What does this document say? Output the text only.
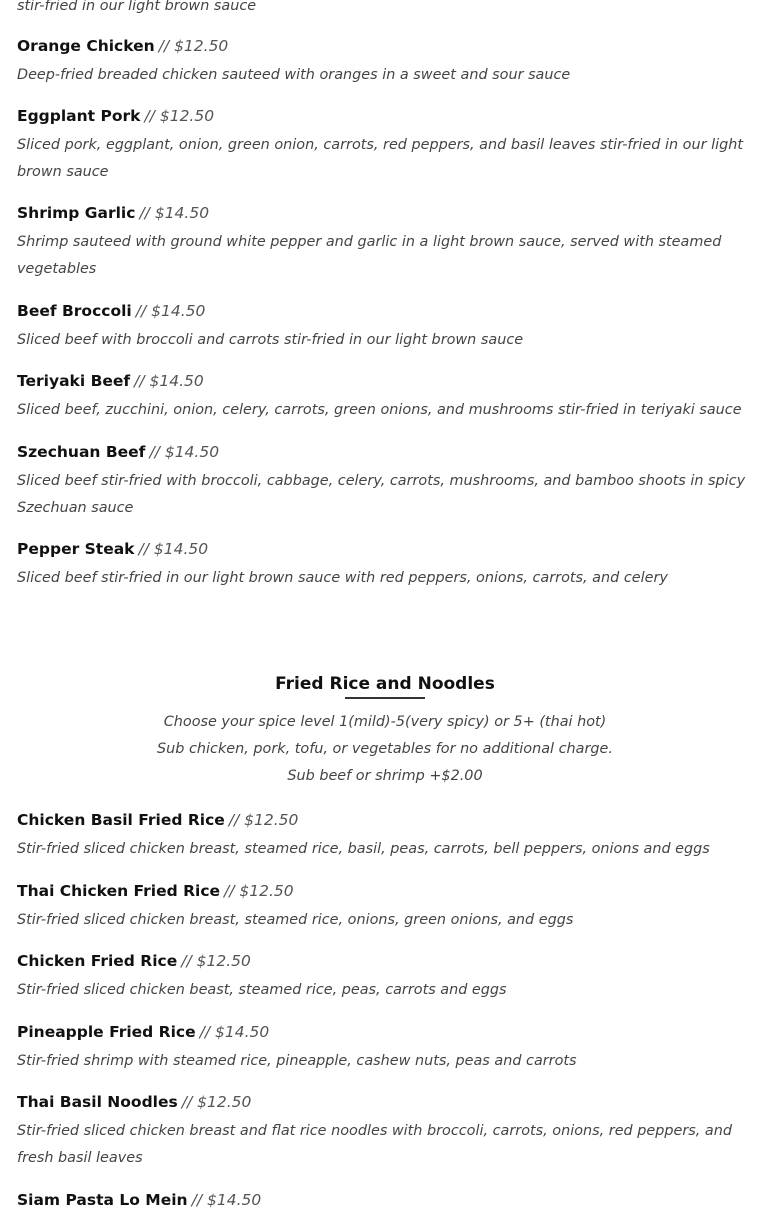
stir-fried in our light brown sauce
Orange Chicken // $12.50
Deep-fried breaded chicken sauteed with oranges in a sweet and sour sauce
Eggplant Pork // $12.50
Sliced pork, eggplant, onion, green onion, carrots, red peppers, and basil leaves stir-fried in our light brown sauce
Shrimp Garlic // $14.50
Shrimp sauteed with ground white pepper and garlic in a light brown sauce, served with steamed vegetables
Beef Broccoli // $14.50
Sliced beef with broccoli and carrots stir-fried in our light brown sauce
Teriyaki Beef // $14.50
Sliced beef, zucchini, onion, celery, carrots, green onions, and mushrooms stir-fried in teriyaki sauce
Szechuan Beef // $14.50
Sliced beef stir-fried with broccoli, cabbage, celery, carrots, mushrooms, and bamboo shoots in spicy Szechuan sauce
Pepper Steak // $14.50
Sliced beef stir-fried in our light brown sauce with red peppers, onions, carrots, and celery
Fried Rice and Noodles
Choose your spice level 1(mild)-5(very spicy) or 5+ (thai hot)
Sub chicken, pork, tofu, or vegetables for no additional charge.
Sub beef or shrimp +$2.00
Chicken Basil Fried Rice // $12.50
Stir-fried sliced chicken breast, steamed rice, basil, peas, carrots, bell peppers, onions and eggs
Thai Chicken Fried Rice // $12.50
Stir-fried sliced chicken breast, steamed rice, onions, green onions, and eggs
Chicken Fried Rice // $12.50
Stir-fried sliced chicken beast, steamed rice, peas, carrots and eggs
Pineapple Fried Rice // $14.50
Stir-fried shrimp with steamed rice, pineapple, cashew nuts, peas and carrots
Thai Basil Noodles // $12.50
Stir-fried sliced chicken breast and flat rice noodles with broccoli, carrots, onions, red peppers, and fresh basil leaves
Siam Pasta Lo Mein // $14.50
